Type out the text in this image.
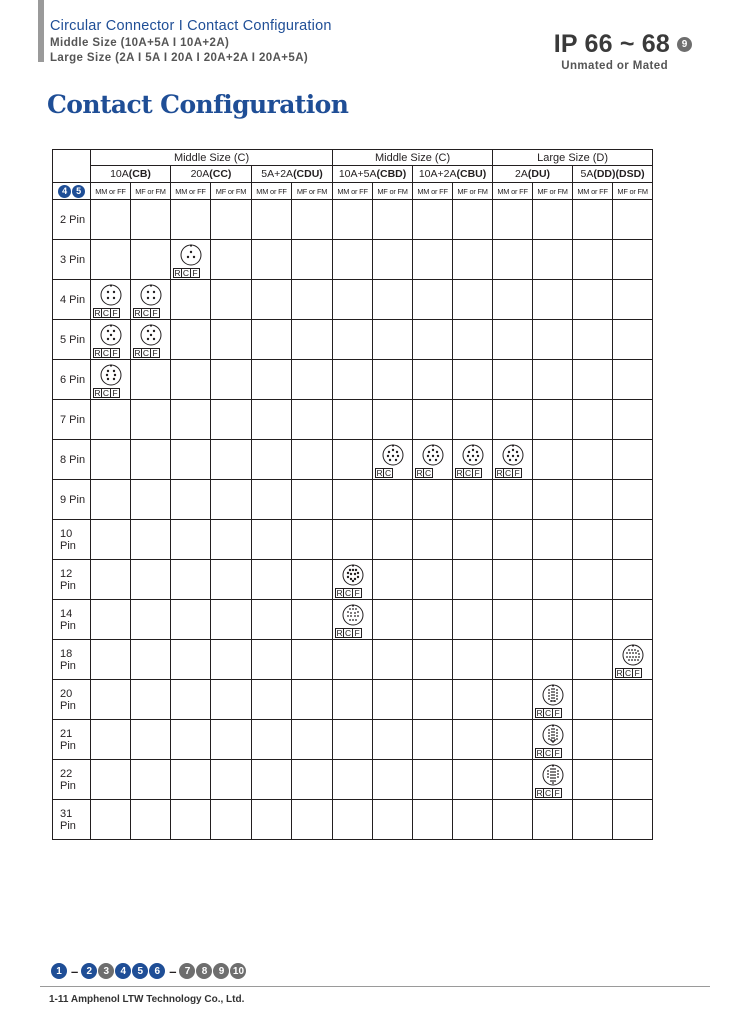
Circular Connector I Contact Configuration
Middle Size (10A+5A I 10A+2A)
Large Size (2A I 5A I 20A I 20A+2A I 20A+5A)	IP 66 ~ 68	9
Unmated or Mated
Contact Configuration
	Middle Size (C)						Middle Size (C)				Large Size (D)			
	10A(CB)		20A(CC)		5A+2A(CDU)		10A+5A(CBD)		10A+2A(CBU)		2A(DU)		5A(DD)(DSD)	

4 5	MM or FF	MF or FM	MM or FF	MF or FM	MM or FF	MF or FM	MM or FF	MF or FM	MM or FF	MF or FM	MM or FF	MF or FM	MM or FF	MF or FM
2 Pin														
3 Pin			R C F											

4 Pin	R C F	R C F												

5 Pin	R C F	R C F												

6 Pin	R C F													

7 Pin														
8 Pin								R C	R C	R C F	R C F			

9 Pin														
10 Pin														
12 Pin							R C F							

14 Pin							R C F							

18 Pin														R C F

20 Pin												R C F		

21 Pin												R C F		

22 Pin												R C F		

31 Pin														
1 – 2	3	4	5	6 – 7	8	9 10
1-11 Amphenol LTW Technology Co., Ltd.
